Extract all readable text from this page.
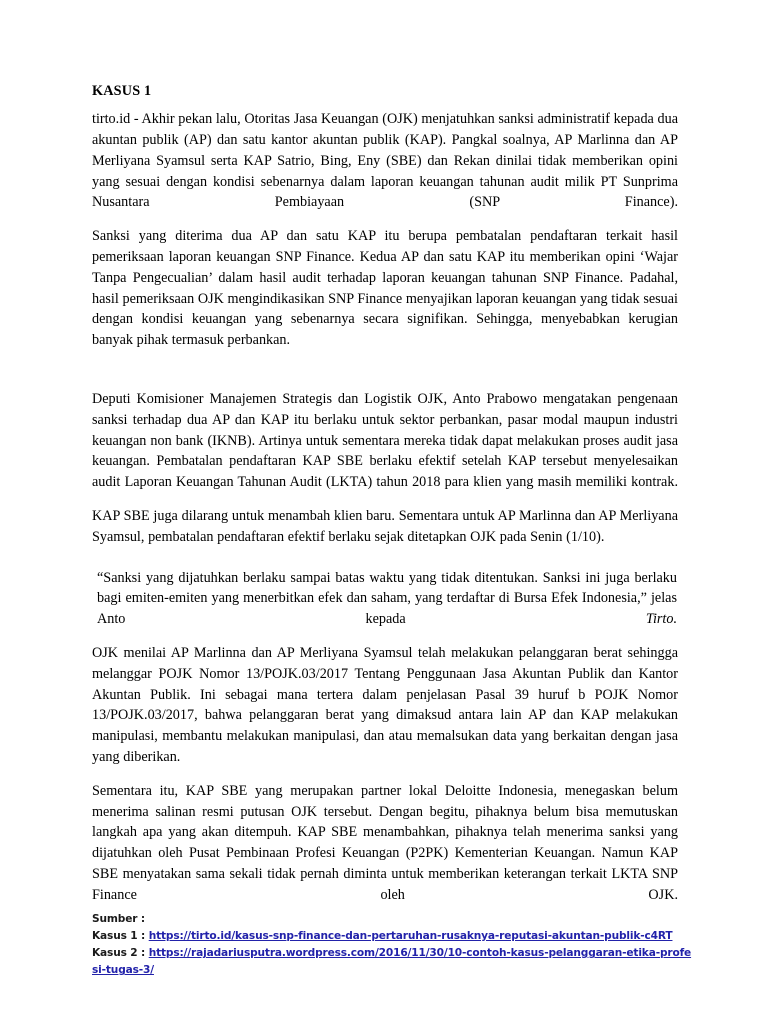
KASUS 1

tirto.id - Akhir pekan lalu, Otoritas Jasa Keuangan (OJK) menjatuhkan sanksi administratif kepada dua akuntan publik (AP) dan satu kantor akuntan publik (KAP). Pangkal soalnya, AP Marlinna dan AP Merliyana Syamsul serta KAP Satrio, Bing, Eny (SBE) dan Rekan dinilai tidak memberikan opini yang sesuai dengan kondisi sebenarnya dalam laporan keuangan tahunan audit milik PT Sunprima Nusantara Pembiayaan (SNP Finance).

Sanksi yang diterima dua AP dan satu KAP itu berupa pembatalan pendaftaran terkait hasil pemeriksaan laporan keuangan SNP Finance. Kedua AP dan satu KAP itu memberikan opini ‘Wajar Tanpa Pengecualian’ dalam hasil audit terhadap laporan keuangan tahunan SNP Finance. Padahal, hasil pemeriksaan OJK mengindikasikan SNP Finance menyajikan laporan keuangan yang tidak sesuai dengan kondisi keuangan yang sebenarnya secara signifikan. Sehingga, menyebabkan kerugian banyak pihak termasuk perbankan.

Deputi Komisioner Manajemen Strategis dan Logistik OJK, Anto Prabowo mengatakan pengenaan sanksi terhadap dua AP dan KAP itu berlaku untuk sektor perbankan, pasar modal maupun industri keuangan non bank (IKNB). Artinya untuk sementara mereka tidak dapat melakukan proses audit jasa keuangan. Pembatalan pendaftaran KAP SBE berlaku efektif setelah KAP tersebut menyelesaikan audit Laporan Keuangan Tahunan Audit (LKTA) tahun 2018 para klien yang masih memiliki kontrak.

KAP SBE juga dilarang untuk menambah klien baru. Sementara untuk AP Marlinna dan AP Merliyana Syamsul, pembatalan pendaftaran efektif berlaku sejak ditetapkan OJK pada Senin (1/10).

“Sanksi yang dijatuhkan berlaku sampai batas waktu yang tidak ditentukan. Sanksi ini juga berlaku bagi emiten-emiten yang menerbitkan efek dan saham, yang terdaftar di Bursa Efek Indonesia,” jelas Anto kepada Tirto.

OJK menilai AP Marlinna dan AP Merliyana Syamsul telah melakukan pelanggaran berat sehingga melanggar POJK Nomor 13/POJK.03/2017 Tentang Penggunaan Jasa Akuntan Publik dan Kantor Akuntan Publik. Ini sebagai mana tertera dalam penjelasan Pasal 39 huruf b POJK Nomor 13/POJK.03/2017, bahwa pelanggaran berat yang dimaksud antara lain AP dan KAP melakukan manipulasi, membantu melakukan manipulasi, dan atau memalsukan data yang berkaitan dengan jasa yang diberikan.

Sementara itu, KAP SBE yang merupakan partner lokal Deloitte Indonesia, menegaskan belum menerima salinan resmi putusan OJK tersebut. Dengan begitu, pihaknya belum bisa memutuskan langkah apa yang akan ditempuh. KAP SBE menambahkan, pihaknya telah menerima sanksi yang dijatuhkan oleh Pusat Pembinaan Profesi Keuangan (P2PK) Kementerian Keuangan. Namun KAP SBE menyatakan sama sekali tidak pernah diminta untuk memberikan keterangan terkait LKTA SNP Finance oleh OJK.

Sumber :
Kasus 1 : https://tirto.id/kasus-snp-finance-dan-pertaruhan-rusaknya-reputasi-akuntan-publik-c4RT
Kasus 2 : https://rajadariusputra.wordpress.com/2016/11/30/10-contoh-kasus-pelanggaran-etika-profesi-tugas-3/
